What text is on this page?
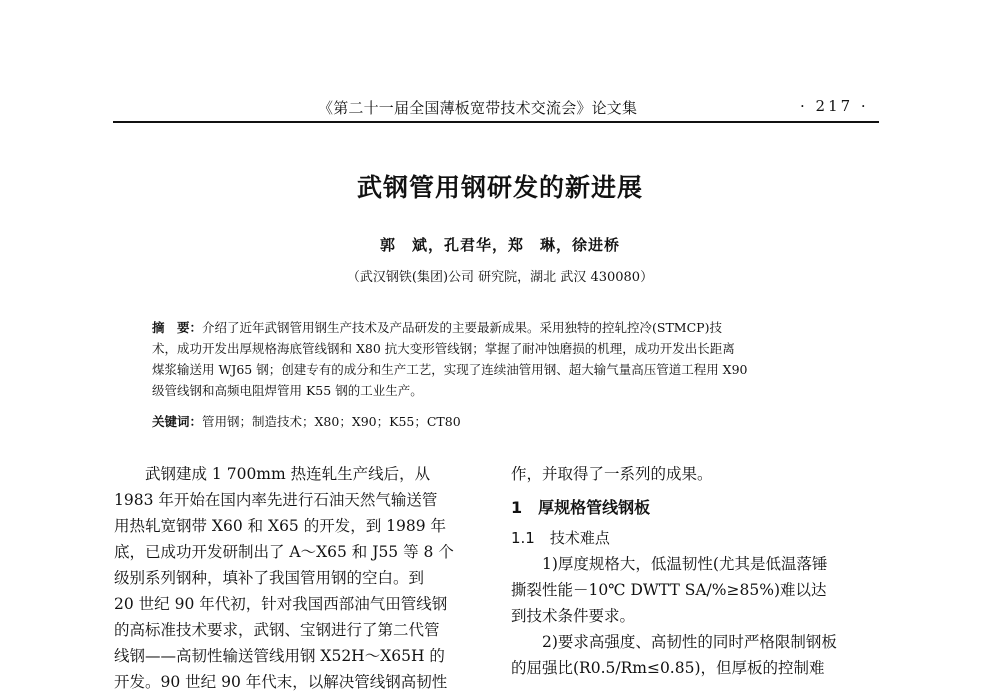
《第二十一届全国薄板宽带技术交流会》论文集	· 217 ·
武钢管用钢研发的新进展
郭　斌，孔君华，郑　琳，徐进桥
（武汉钢铁(集团)公司 研究院，湖北 武汉 430080）
摘　要：介绍了近年武钢管用钢生产技术及产品研发的主要最新成果。采用独特的控轧控冷(STMCP)技
术，成功开发出厚规格海底管线钢和 X80 抗大变形管线钢；掌握了耐冲蚀磨损的机理，成功开发出长距离
煤浆输送用 WJ65 钢；创建专有的成分和生产工艺，实现了连续油管用钢、超大输气量高压管道工程用 X90
级管线钢和高频电阻焊管用 K55 钢的工业生产。
关键词：管用钢；制造技术；X80；X90；K55；CT80
　　武钢建成 1 700mm 热连轧生产线后，从
1983 年开始在国内率先进行石油天然气输送管
用热轧宽钢带 X60 和 X65 的开发，到 1989 年
底，已成功开发研制出了 A～X65 和 J55 等 8 个
级别系列钢种，填补了我国管用钢的空白。到
20 世纪 90 年代初，针对我国西部油气田管线钢
的高标准技术要求，武钢、宝钢进行了第二代管
线钢——高韧性输送管线用钢 X52H～X65H 的
开发。90 世纪 90 年代末，以解决管线钢高韧性
作，并取得了一系列的成果。
1　厚规格管线钢板
1.1　技术难点
　　1)厚度规格大，低温韧性(尤其是低温落锤
撕裂性能－10℃ DWTT SA/%≥85%)难以达
到技术条件要求。
　　2)要求高强度、高韧性的同时严格限制钢板
的屈强比(R0.5/Rm≤0.85)，但厚板的控制难
